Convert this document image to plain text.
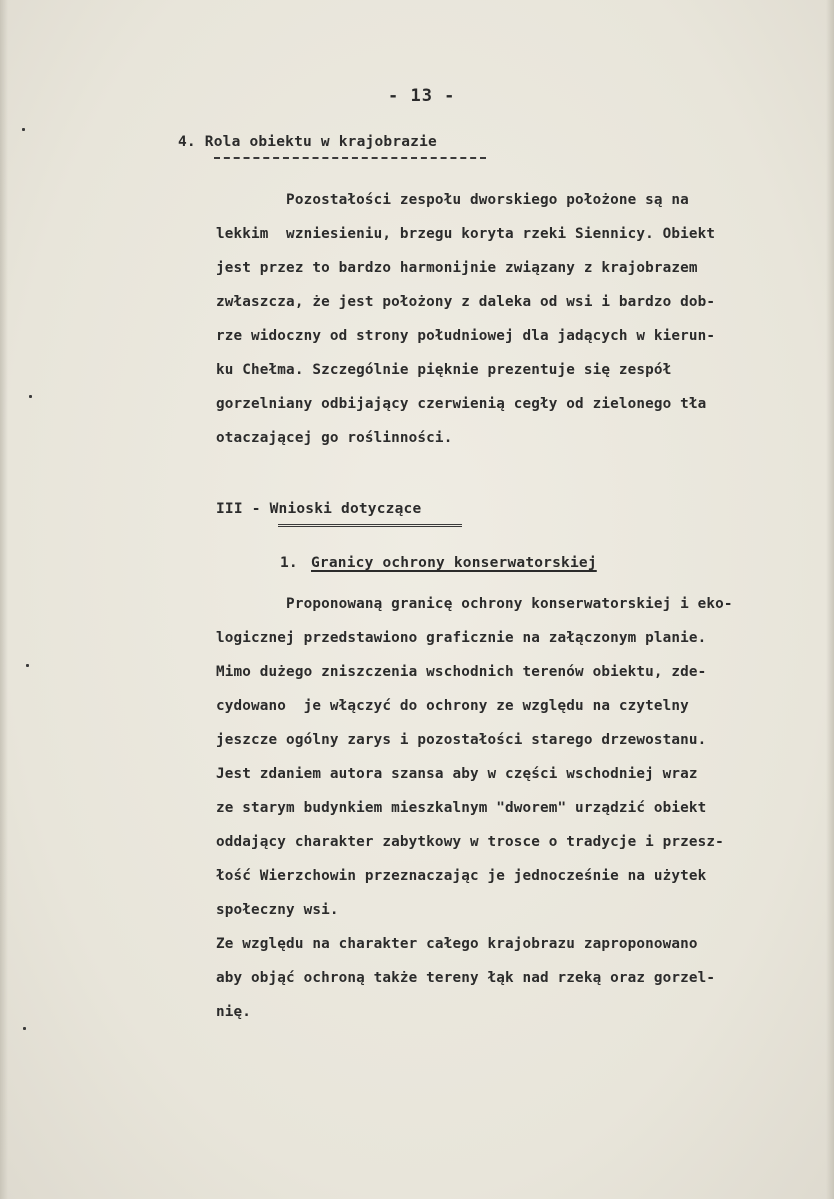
- 13 -
4. Rola obiektu w krajobrazie
Pozostałości zespołu dworskiego położone są na
lekkim  wzniesieniu, brzegu koryta rzeki Siennicy. Obiekt
jest przez to bardzo harmonijnie związany z krajobrazem
zwłaszcza, że jest położony z daleka od wsi i bardzo dob-
rze widoczny od strony południowej dla jadących w kierun-
ku Chełma. Szczególnie pięknie prezentuje się zespół
gorzelniany odbijający czerwienią cegły od zielonego tła
otaczającej go roślinności.
III - Wnioski dotyczące
1. Granicy ochrony konserwatorskiej
Proponowaną granicę ochrony konserwatorskiej i eko-
logicznej przedstawiono graficznie na załączonym planie.
Mimo dużego zniszczenia wschodnich terenów obiektu, zde-
cydowano  je włączyć do ochrony ze względu na czytelny
jeszcze ogólny zarys i pozostałości starego drzewostanu.
Jest zdaniem autora szansa aby w części wschodniej wraz
ze starym budynkiem mieszkalnym "dworem" urządzić obiekt
oddający charakter zabytkowy w trosce o tradycje i przesz-
łość Wierzchowin przeznaczając je jednocześnie na użytek
społeczny wsi.
Ze względu na charakter całego krajobrazu zaproponowano
aby objąć ochroną także tereny łąk nad rzeką oraz gorzel-
nię.
